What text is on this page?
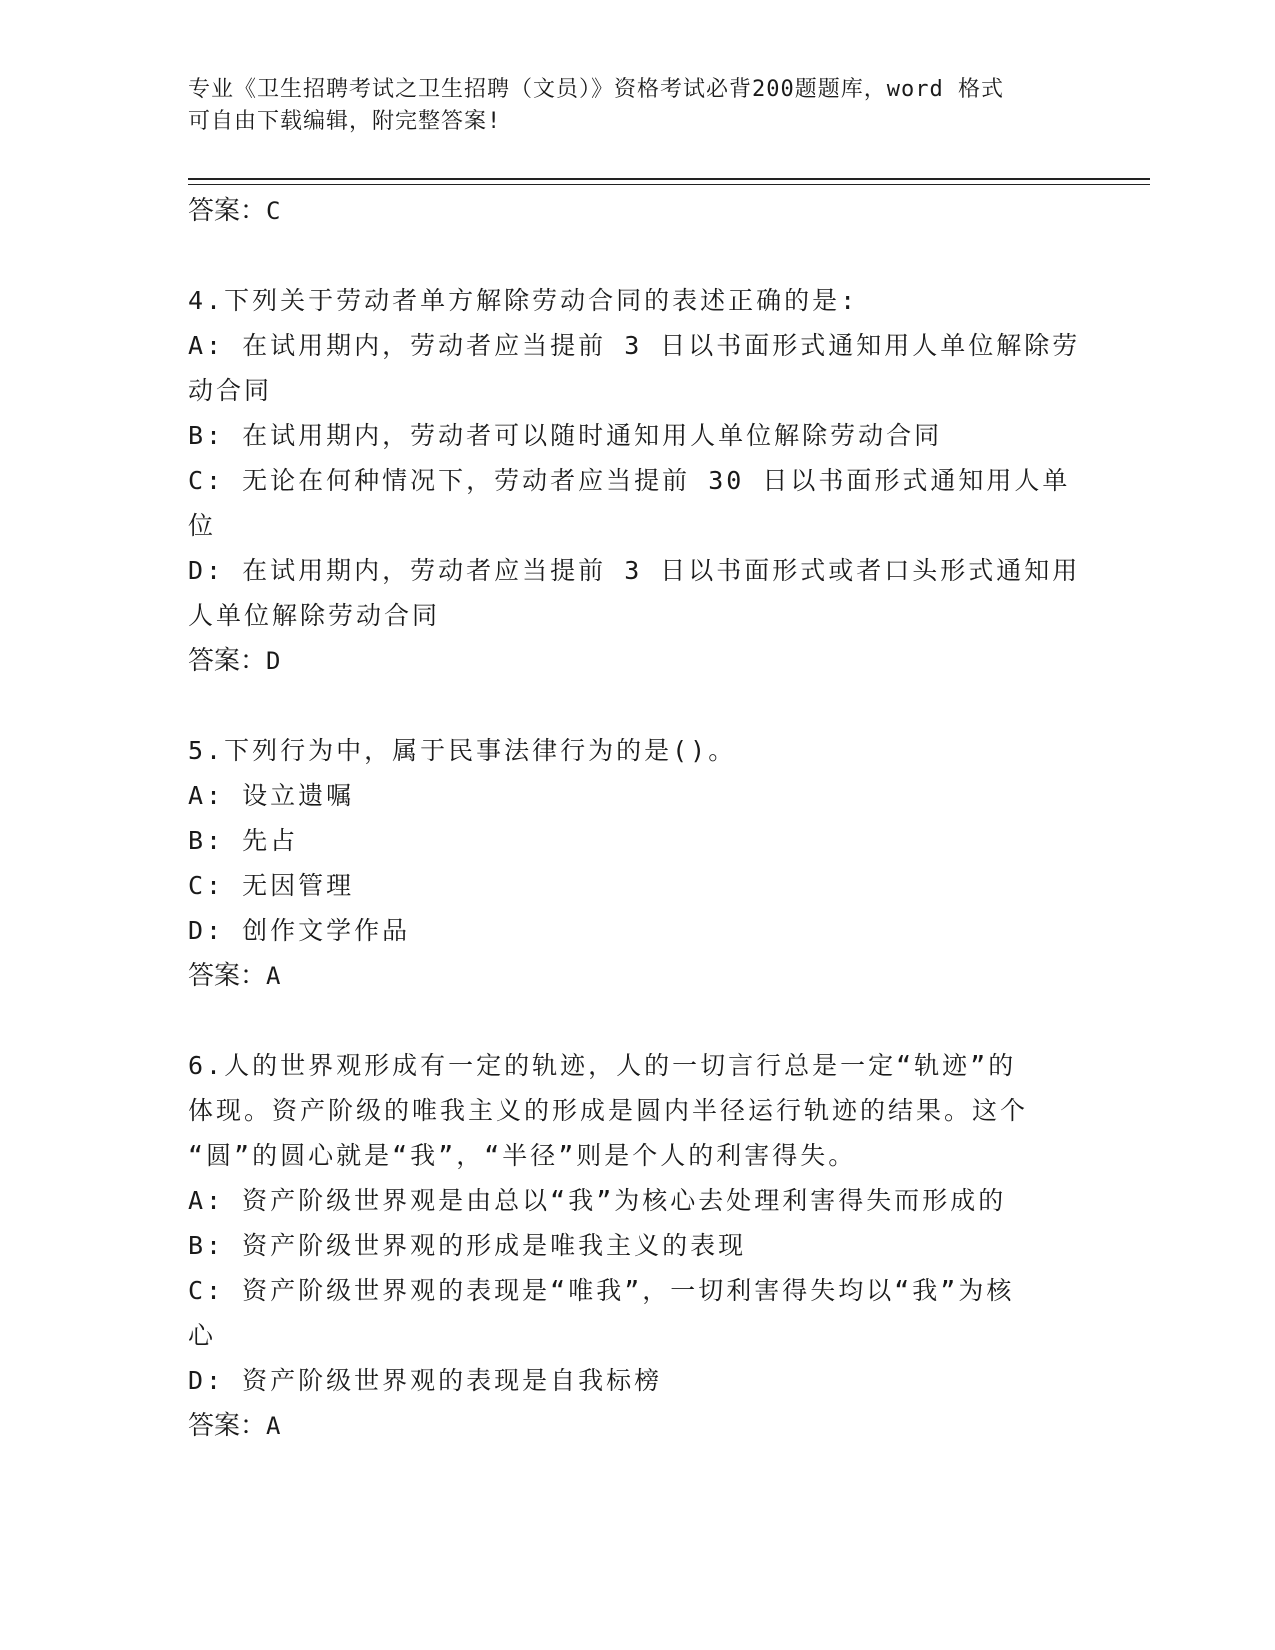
专业《卫生招聘考试之卫生招聘（文员）》资格考试必背200题题库，word 格式
可自由下载编辑，附完整答案!
答案：C
4.下列关于劳动者单方解除劳动合同的表述正确的是:
A: 在试用期内，劳动者应当提前 3 日以书面形式通知用人单位解除劳
动合同
B: 在试用期内，劳动者可以随时通知用人单位解除劳动合同
C: 无论在何种情况下，劳动者应当提前 30 日以书面形式通知用人单
位
D: 在试用期内，劳动者应当提前 3 日以书面形式或者口头形式通知用
人单位解除劳动合同
答案：D
5.下列行为中，属于民事法律行为的是()。
A: 设立遗嘱
B: 先占
C: 无因管理
D: 创作文学作品
答案：A
6.人的世界观形成有一定的轨迹，人的一切言行总是一定“轨迹”的
体现。资产阶级的唯我主义的形成是圆内半径运行轨迹的结果。这个
“圆”的圆心就是“我”，“半径”则是个人的利害得失。
A: 资产阶级世界观是由总以“我”为核心去处理利害得失而形成的
B: 资产阶级世界观的形成是唯我主义的表现
C: 资产阶级世界观的表现是“唯我”，一切利害得失均以“我”为核
心
D: 资产阶级世界观的表现是自我标榜
答案：A
